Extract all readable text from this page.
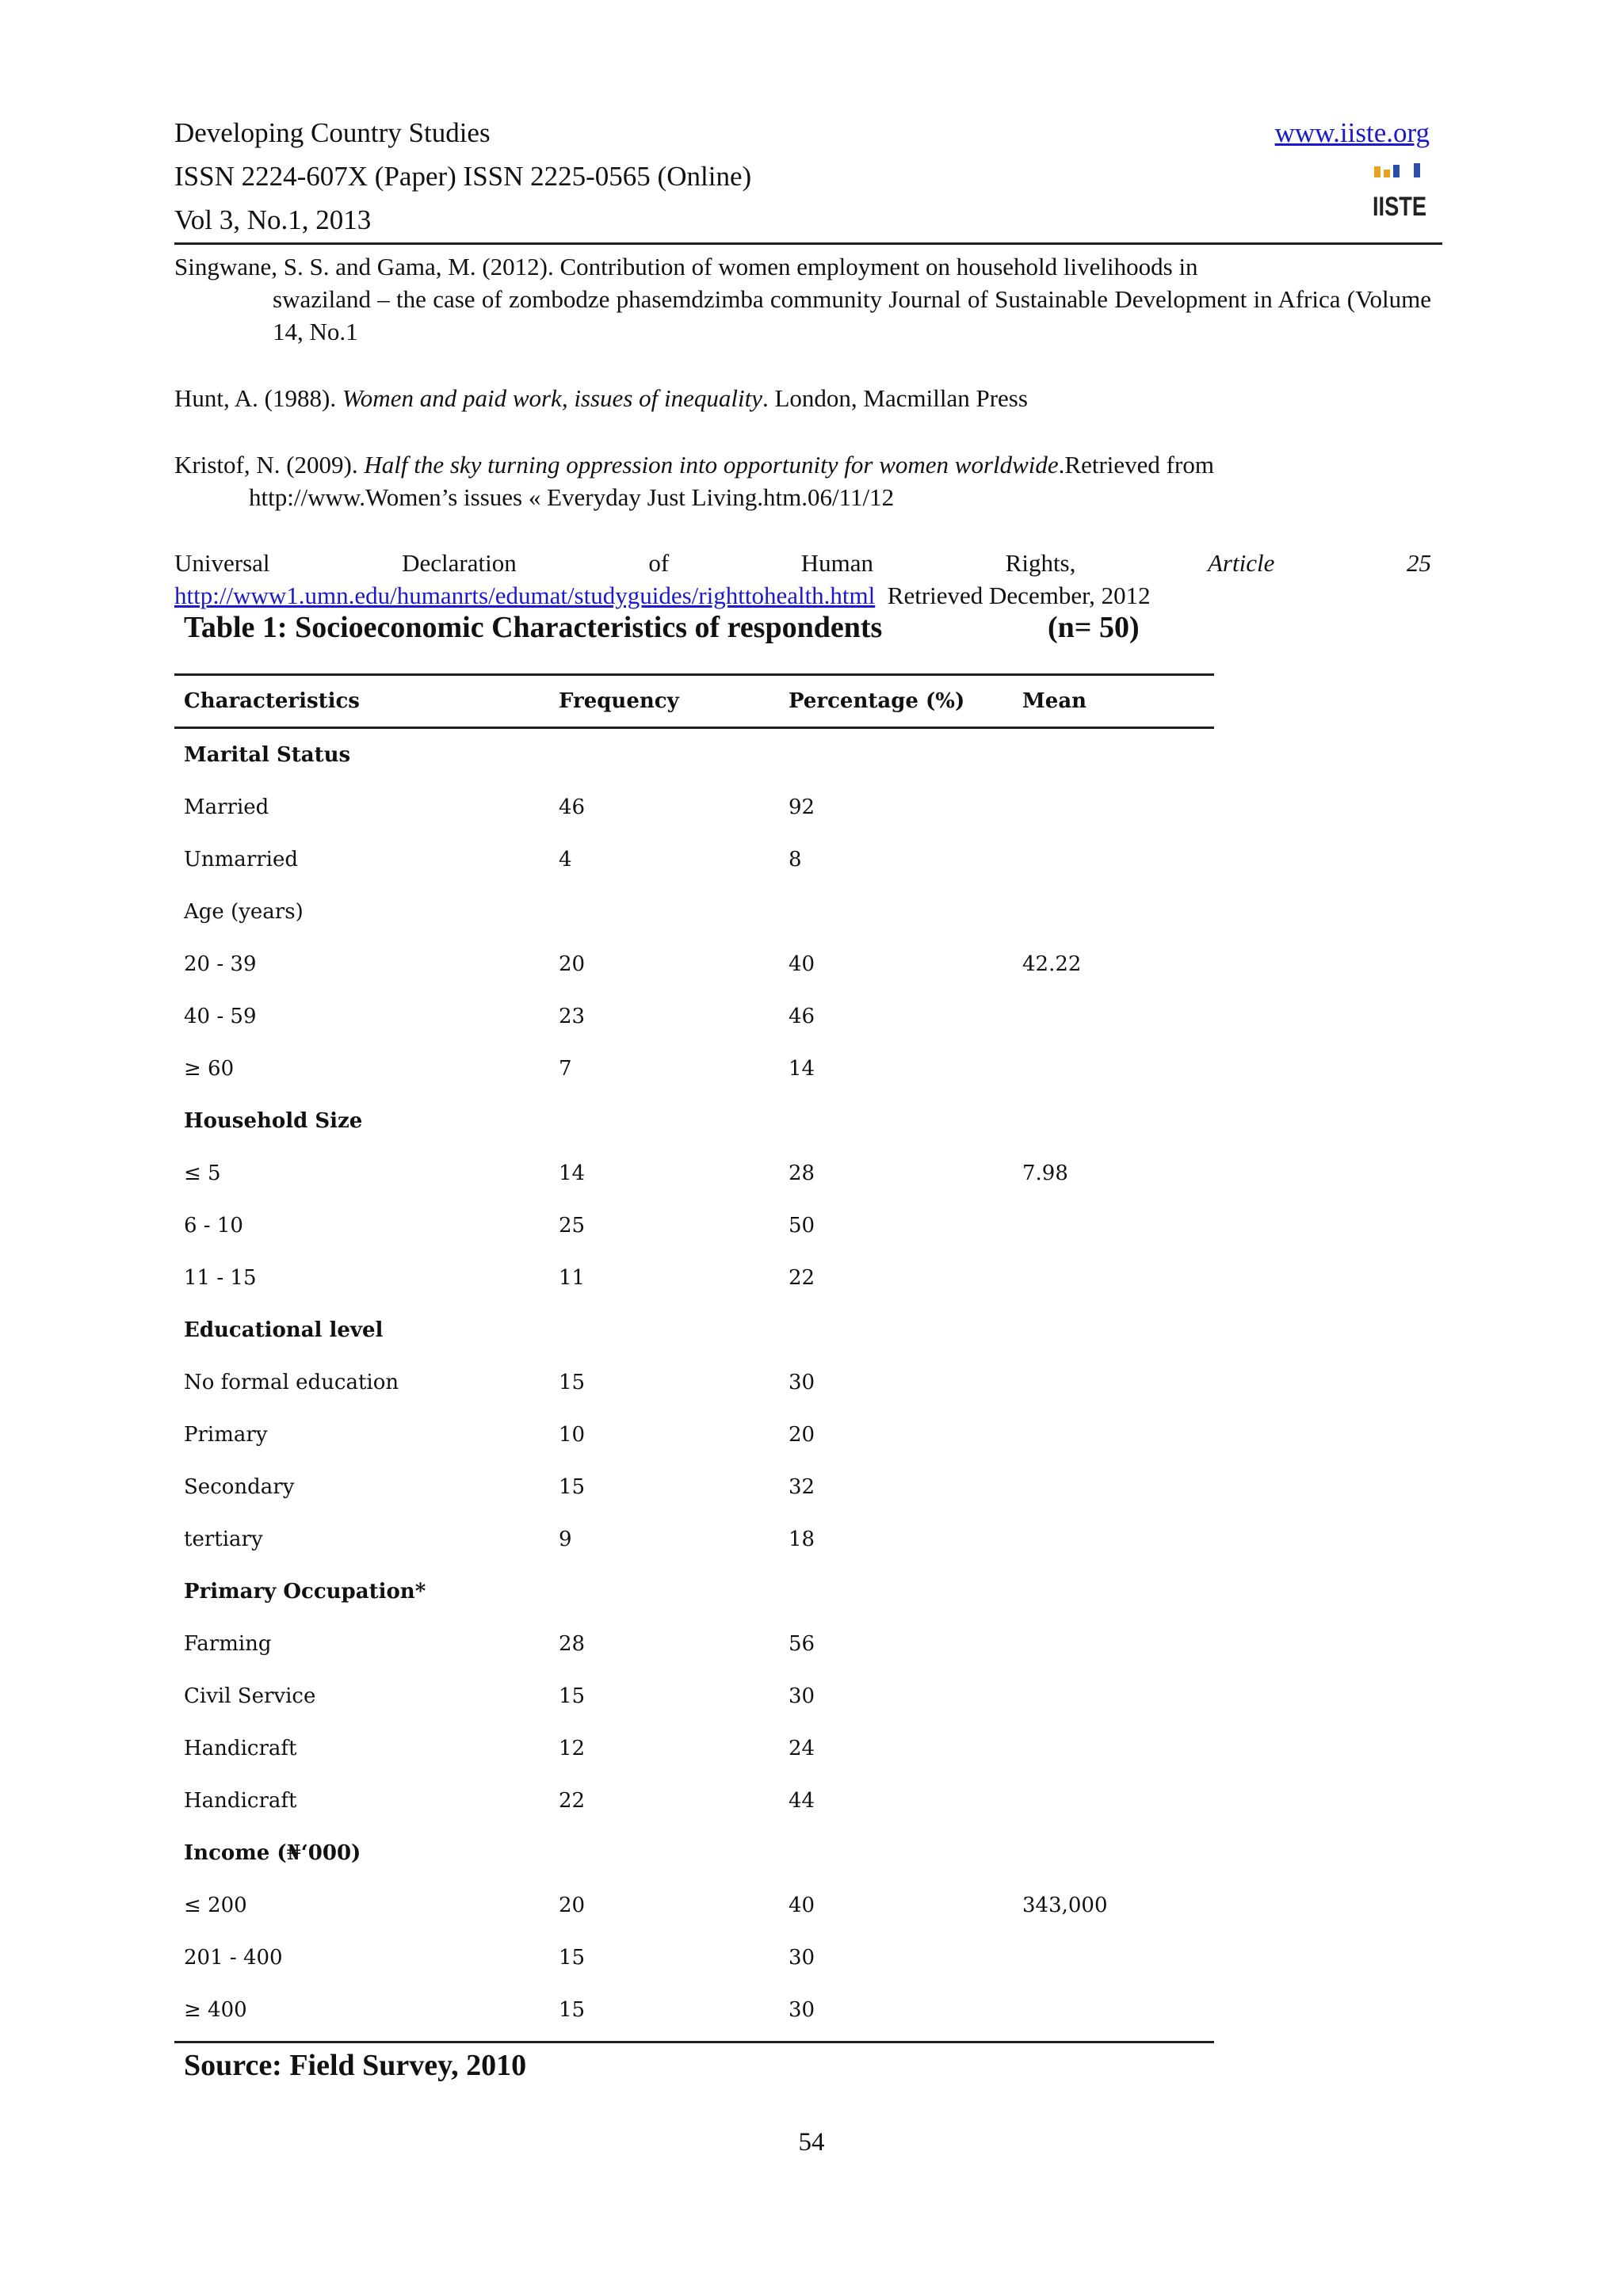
Developing Country Studies	www.iiste.org
ISSN 2224-607X (Paper) ISSN 2225-0565 (Online)
Vol 3, No.1, 2013	IISTE
Singwane, S. S. and Gama, M. (2012). Contribution of women employment on household livelihoods in
swaziland – the case of zombodze phasemdzimba community Journal of Sustainable Development in Africa (Volume 14, No.1
Hunt, A. (1988). Women and paid work, issues of inequality. London, Macmillan Press
Kristof, N. (2009). Half the sky turning oppression into opportunity for women worldwide.Retrieved from
http://www.Women’s issues « Everyday Just Living.htm.06/11/12
Universal	Declaration	of	Human	Rights,	Article	25
http://www1.umn.edu/humanrts/edumat/studyguides/righttohealth.html  Retrieved December, 2012
Table 1: Socioeconomic Characteristics of respondents	(n= 50)
Characteristics	Frequency	Percentage (%)	Mean
Marital Status
Married	46	92
Unmarried	4	8
Age (years)
20 - 39	20	40	42.22
40 - 59	23	46
≥ 60	7	14
Household Size
≤ 5	14	28	7.98
6 - 10	25	50
11 - 15	11	22
Educational level
No formal education	15	30
Primary	10	20
Secondary	15	32
tertiary	9	18
Primary Occupation*
Farming	28	56
Civil Service	15	30
Handicraft	12	24
Handicraft	22	44
Income (₦‘000)
≤ 200	20	40	343,000
201 - 400	15	30
≥ 400	15	30
Source: Field Survey, 2010
54
